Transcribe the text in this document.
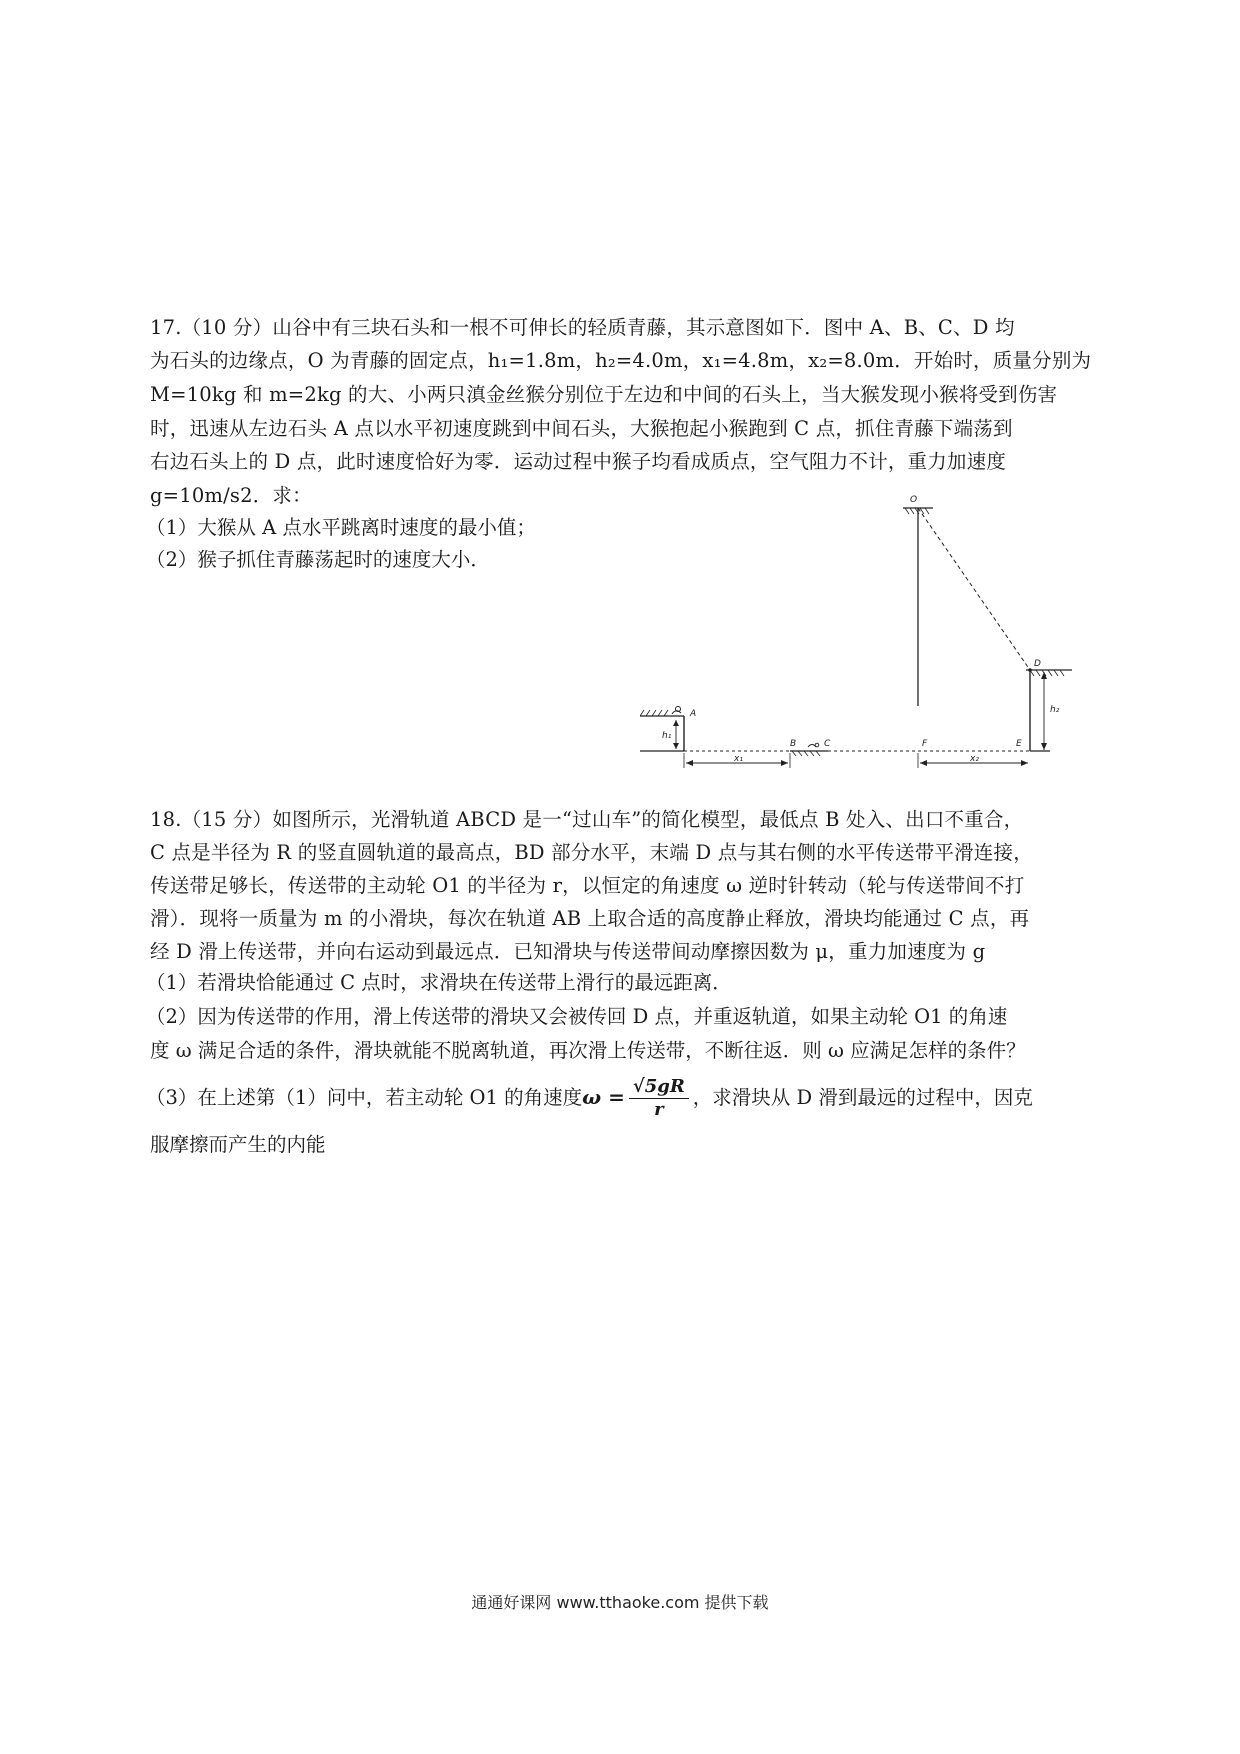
17.（10 分）山谷中有三块石头和一根不可伸长的轻质青藤，其示意图如下．图中 A、B、C、D 均
为石头的边缘点，O 为青藤的固定点，h₁=1.8m，h₂=4.0m，x₁=4.8m，x₂=8.0m．开始时，质量分别为
M=10kg 和 m=2kg 的大、小两只滇金丝猴分别位于左边和中间的石头上，当大猴发现小猴将受到伤害
时，迅速从左边石头 A 点以水平初速度跳到中间石头，大猴抱起小猴跑到 C 点，抓住青藤下端荡到
右边石头上的 D 点，此时速度恰好为零．运动过程中猴子均看成质点，空气阻力不计，重力加速度
g=10m/s2．求：
（1）大猴从 A 点水平跳离时速度的最小值；
（2）猴子抓住青藤荡起时的速度大小．
O
D
h₂
A
h₁
B	C	F	E
x₁	x₂
18.（15 分）如图所示，光滑轨道 ABCD 是一“过山车”的简化模型，最低点 B 处入、出口不重合，
C 点是半径为 R 的竖直圆轨道的最高点，BD 部分水平，末端 D 点与其右侧的水平传送带平滑连接，
传送带足够长，传送带的主动轮 O1 的半径为 r，以恒定的角速度 ω 逆时针转动（轮与传送带间不打
滑）．现将一质量为 m 的小滑块，每次在轨道 AB 上取合适的高度静止释放，滑块均能通过 C 点，再
经 D 滑上传送带，并向右运动到最远点．已知滑块与传送带间动摩擦因数为 μ，重力加速度为 g
（1）若滑块恰能通过 C 点时，求滑块在传送带上滑行的最远距离．
（2）因为传送带的作用，滑上传送带的滑块又会被传回 D 点，并重返轨道，如果主动轮 O1 的角速
度 ω 满足合适的条件，滑块就能不脱离轨道，再次滑上传送带，不断往返．则 ω 应满足怎样的条件？
（3）在上述第（1）问中，若主动轮 O1 的角速度$\omega = \frac{√5gR}{r}$ ，求滑块从 D 滑到最远的过程中，因克
服摩擦而产生的内能
通通好课网 www.tthaoke.com 提供下载
